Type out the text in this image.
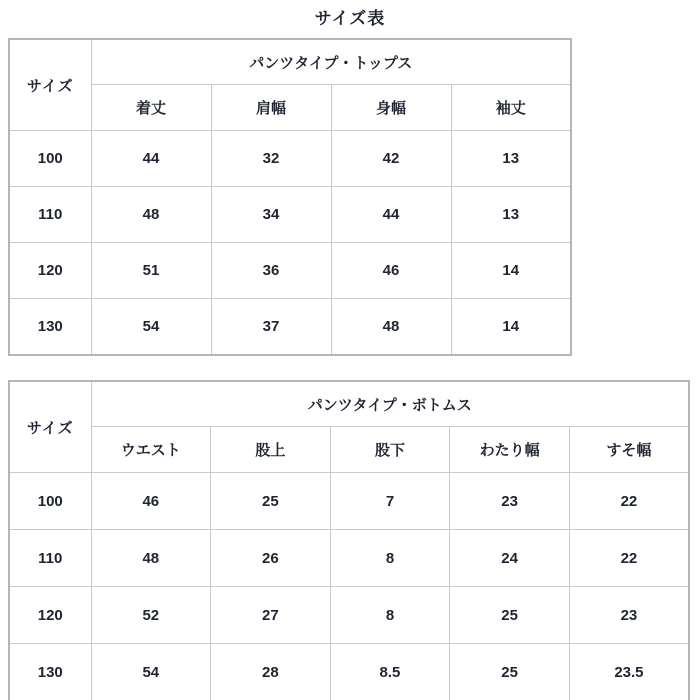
サイズ表
サイズ	パンツタイプ・トップス			
	着丈	肩幅	身幅	袖丈
100	44	32	42	13
110	48	34	44	13
120	51	36	46	14
130	54	37	48	14
サイズ	パンツタイプ・ボトムス				
	ウエスト	股上	股下	わたり幅	すそ幅
100	46	25	7	23	22
110	48	26	8	24	22
120	52	27	8	25	23
130	54	28	8.5	25	23.5
